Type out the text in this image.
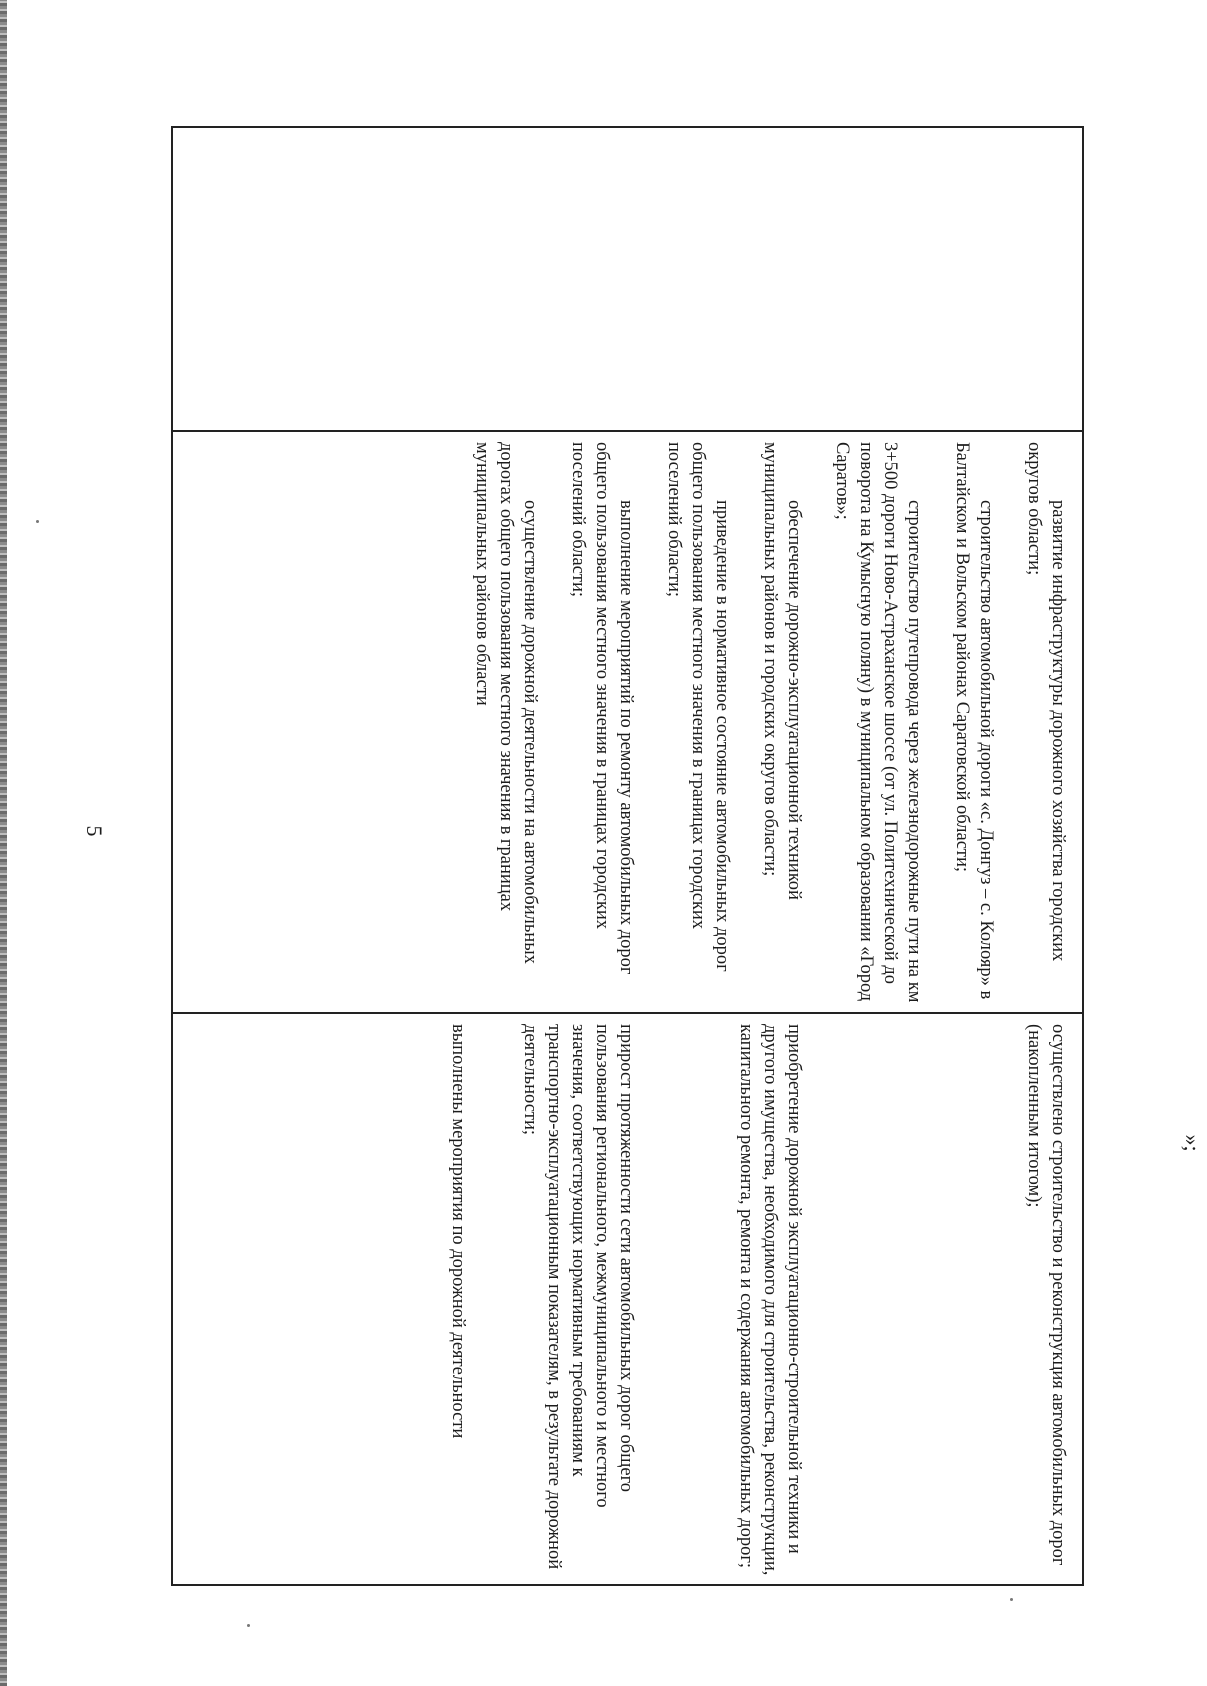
5	развитие инфраструктуры дорожного хозяйства городских округов области;

строительство автомобильной дороги «с. Донгуз – с. Колояр» в Балтайском и Вольском районах Саратовской области;

строительство путепровода через железнодорожные пути на км 3+500 дороги Ново-Астраханское шоссе (от ул. Политехнической до поворота на Кумысную поляну) в муниципальном образовании «Город Саратов»;

обеспечение дорожно-эксплуатационной техникой муниципальных районов и городских округов области;

приведение в нормативное состояние автомобильных дорог общего пользования местного значения в границах городских поселений области;

выполнение мероприятий по ремонту автомобильных дорог общего пользования местного значения в границах городских поселений области;

осуществление дорожной деятельности на автомобильных дорогах общего пользования местного значения в границах муниципальных районов области

осуществлено строительство и реконструкция автомобильных дорог (накопленным итогом);

приобретение дорожной эксплуатационно-строительной техники и другого имущества, необходимого для строительства, реконструкции, капитального ремонта, ремонта и содержания автомобильных дорог;

прирост протяженности сети автомобильных дорог общего пользования регионального, межмуниципального и местного значения, соответствующих нормативным требованиям к транспортно-эксплуатационным показателям, в результате дорожной деятельности;

выполнены мероприятия по дорожной деятельности	»;
